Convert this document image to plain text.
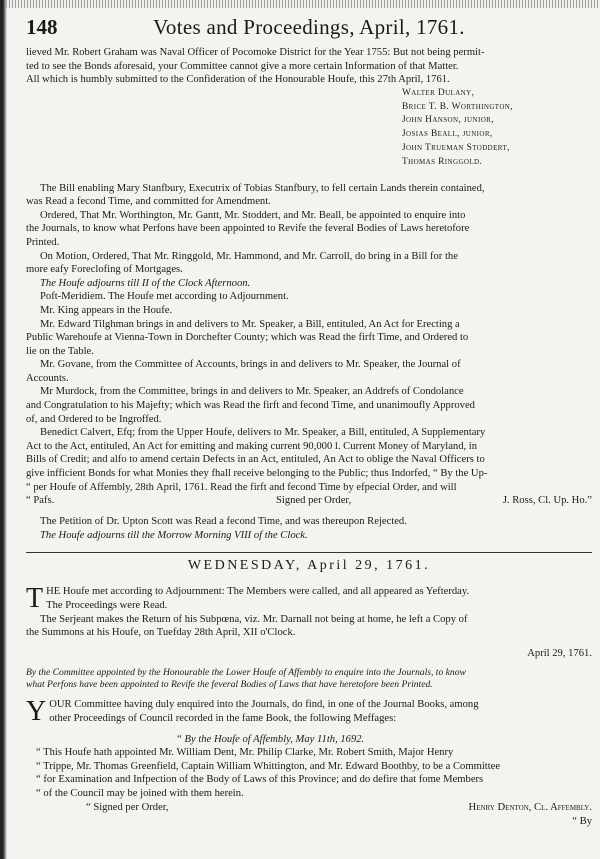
148	Votes and Proceedings, April, 1761.

lieved Mr. Robert Graham was Naval Officer of Pocomoke District for the Year 1755: But not being permit-

ted to see the Bonds aforesaid, your Committee cannot give a more certain Information of that Matter.

All which is humbly submitted to the Confideration of the Honourable Houfe, this 27th April, 1761.

Walter Dulany,

Brice T. B. Worthington,

John Hanson, junior,

Josias Beall, junior,

John Trueman Stoddert,

Thomas Ringgold.

The Bill enabling Mary Stanfbury, Executrix of Tobias Stanfbury, to fell certain Lands therein contained,

was Read a fecond Time, and committed for Amendment.

Ordered, That Mr. Worthington, Mr. Gantt, Mr. Stoddert, and Mr. Beall, be appointed to enquire into

the Journals, to know what Perfons have been appointed to Revife the feveral Bodies of Laws heretofore

Printed.

On Motion, Ordered, That Mr. Ringgold, Mr. Hammond, and Mr. Carroll, do bring in a Bill for the

more eafy Foreclofing of Mortgages.

The Houfe adjourns till II of the Clock Afternoon.

Poft-Meridiem. The Houfe met according to Adjournment.

Mr. King appears in the Houfe.

Mr. Edward Tilghman brings in and delivers to Mr. Speaker, a Bill, entituled, An Act for Erecting a

Public Warehoufe at Vienna-Town in Dorchefter County; which was Read the firft Time, and Ordered to

lie on the Table.

Mr. Govane, from the Committee of Accounts, brings in and delivers to Mr. Speaker, the Journal of

Accounts.

Mr Murdock, from the Committee, brings in and delivers to Mr. Speaker, an Addrefs of Condolance

and Congratulation to his Majefty; which was Read the firft and fecond Time, and unanimoufly Approved

of, and Ordered to be Ingroffed.

Benedict Calvert, Efq; from the Upper Houfe, delivers to Mr. Speaker, a Bill, entituled, A Supplementary

Act to the Act, entituled, An Act for emitting and making current 90,000 l. Current Money of Maryland, in

Bills of Credit; and alfo to amend certain Defects in an Act, entituled, An Act to oblige the Naval Officers to

give infficient Bonds for what Monies they fhall receive belonging to the Public; thus Indorfed, “ By the Up-

“ per Houfe of Affembly, 28th April, 1761. Read the firft and fecond Time by efpecial Order, and will

“ Pafs.	Signed per Order,	J. Ross, Cl. Up. Ho.”

The Petition of Dr. Upton Scott was Read a fecond Time, and was thereupon Rejected.

The Houfe adjourns till the Morrow Morning VIII of the Clock.

WEDNESDAY, April 29, 1761.
T HE Houfe met according to Adjournment: The Members were called, and all appeared as Yefterday.

The Proceedings were Read.

The Serjeant makes the Return of his Subpœna, viz. Mr. Darnall not being at home, he left a Copy of

the Summons at his Houfe, on Tuefday 28th April, XII o'Clock.

April 29, 1761.

By the Committee appointed by the Honourable the Lower Houfe of Affembly to enquire into the Journals, to know

what Perfons have been appointed to Revife the feveral Bodies of Laws that have heretofore been Printed.

Y OUR Committee having duly enquired into the Journals, do find, in one of the Journal Books, among

other Proceedings of Council recorded in the fame Book, the following Meffages:

“ By the Houfe of Affembly, May 11th, 1692.

“ This Houfe hath appointed Mr. William Dent, Mr. Philip Clarke, Mr. Robert Smith, Major Henry

“ Trippe, Mr. Thomas Greenfield, Captain William Whittington, and Mr. Edward Boothby, to be a Committee

“ for Examination and Infpection of the Body of Laws of this Province; and do defire that fome Members

“ of the Council may be joined with them herein.

“ Signed per Order,	Henry Denton, Cl. Affembly.

“ By
